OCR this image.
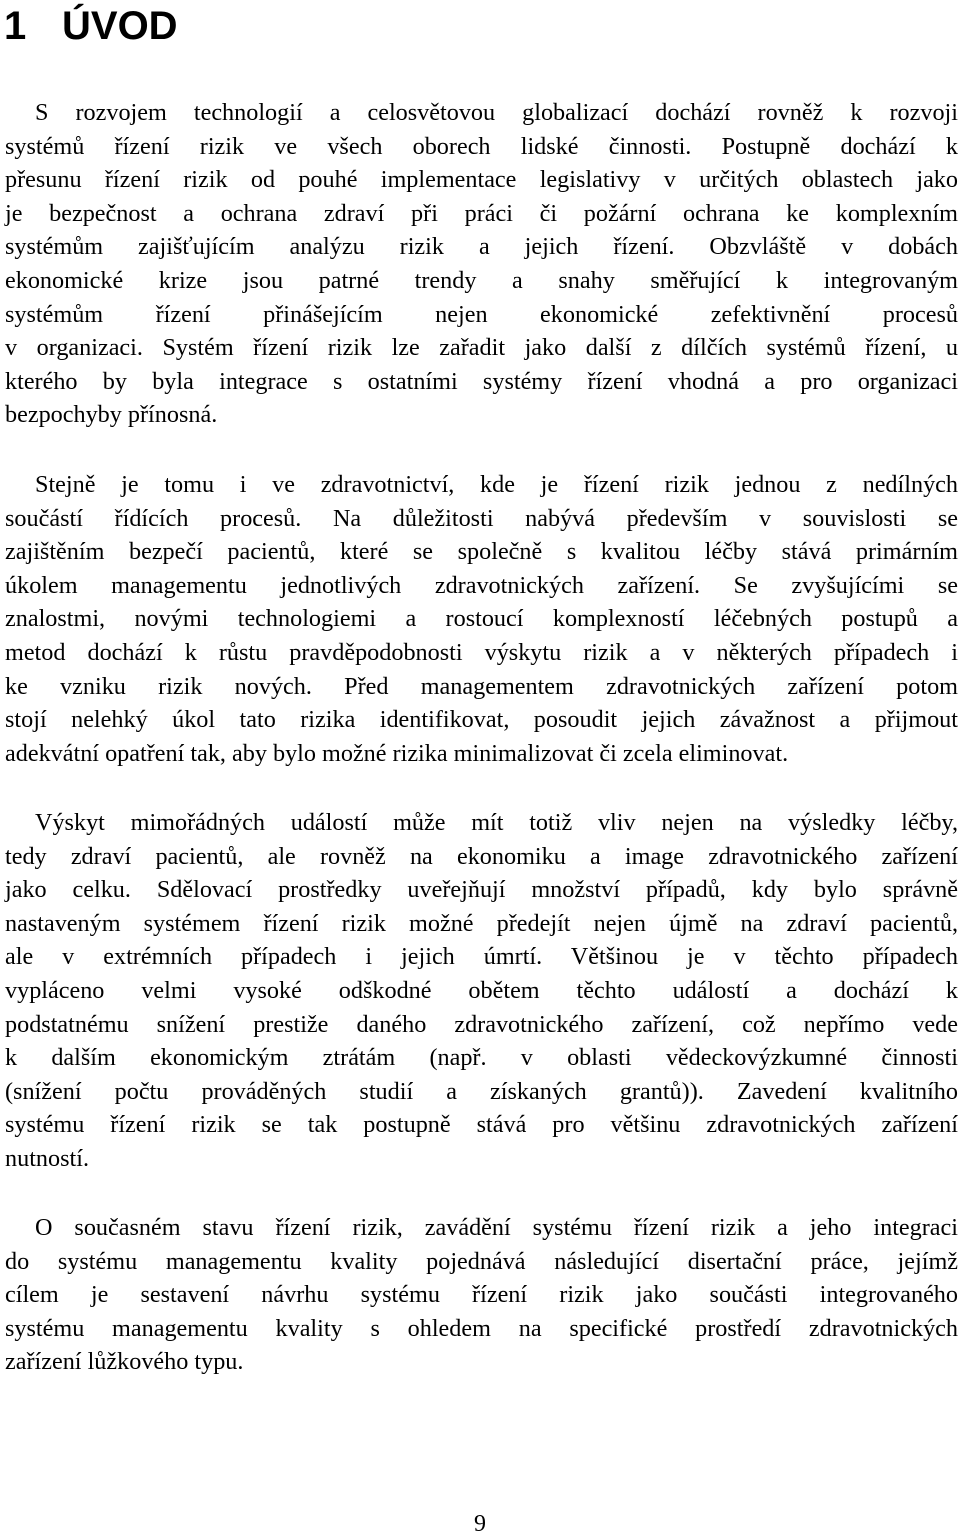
1 ÚVOD

S rozvojem technologií a celosvětovou globalizací dochází rovněž k rozvoji
systémů řízení rizik ve všech oborech lidské činnosti. Postupně dochází k
přesunu řízení rizik od pouhé implementace legislativy v určitých oblastech jako
je bezpečnost a ochrana zdraví při práci či požární ochrana ke komplexním
systémům zajišťujícím analýzu rizik a jejich řízení. Obzvláště v dobách
ekonomické krize jsou patrné trendy a snahy směřující k integrovaným
systémům řízení přinášejícím nejen ekonomické zefektivnění procesů
v organizaci. Systém řízení rizik lze zařadit jako další z dílčích systémů řízení, u
kterého by byla integrace s ostatními systémy řízení vhodná a pro organizaci
bezpochyby přínosná.

Stejně je tomu i ve zdravotnictví, kde je řízení rizik jednou z nedílných
součástí řídících procesů. Na důležitosti nabývá především v souvislosti se
zajištěním bezpečí pacientů, které se společně s kvalitou léčby stává primárním
úkolem managementu jednotlivých zdravotnických zařízení. Se zvyšujícími se
znalostmi, novými technologiemi a rostoucí komplexností léčebných postupů a
metod dochází k růstu pravděpodobnosti výskytu rizik a v některých případech i
ke vzniku rizik nových. Před managementem zdravotnických zařízení potom
stojí nelehký úkol tato rizika identifikovat, posoudit jejich závažnost a přijmout
adekvátní opatření tak, aby bylo možné rizika minimalizovat či zcela eliminovat.

Výskyt mimořádných událostí může mít totiž vliv nejen na výsledky léčby,
tedy zdraví pacientů, ale rovněž na ekonomiku a image zdravotnického zařízení
jako celku. Sdělovací prostředky uveřejňují množství případů, kdy bylo správně
nastaveným systémem řízení rizik možné předejít nejen újmě na zdraví pacientů,
ale v extrémních případech i jejich úmrtí. Většinou je v těchto případech
vypláceno velmi vysoké odškodné obětem těchto událostí a dochází k
podstatnému snížení prestiže daného zdravotnického zařízení, což nepřímo vede
k dalším ekonomickým ztrátám (např. v oblasti vědeckovýzkumné činnosti
(snížení počtu prováděných studií a získaných grantů)). Zavedení kvalitního
systému řízení rizik se tak postupně stává pro většinu zdravotnických zařízení
nutností.

O současném stavu řízení rizik, zavádění systému řízení rizik a jeho integraci
do systému managementu kvality pojednává následující disertační práce, jejímž
cílem je sestavení návrhu systému řízení rizik jako součásti integrovaného
systému managementu kvality s ohledem na specifické prostředí zdravotnických
zařízení lůžkového typu.

9
